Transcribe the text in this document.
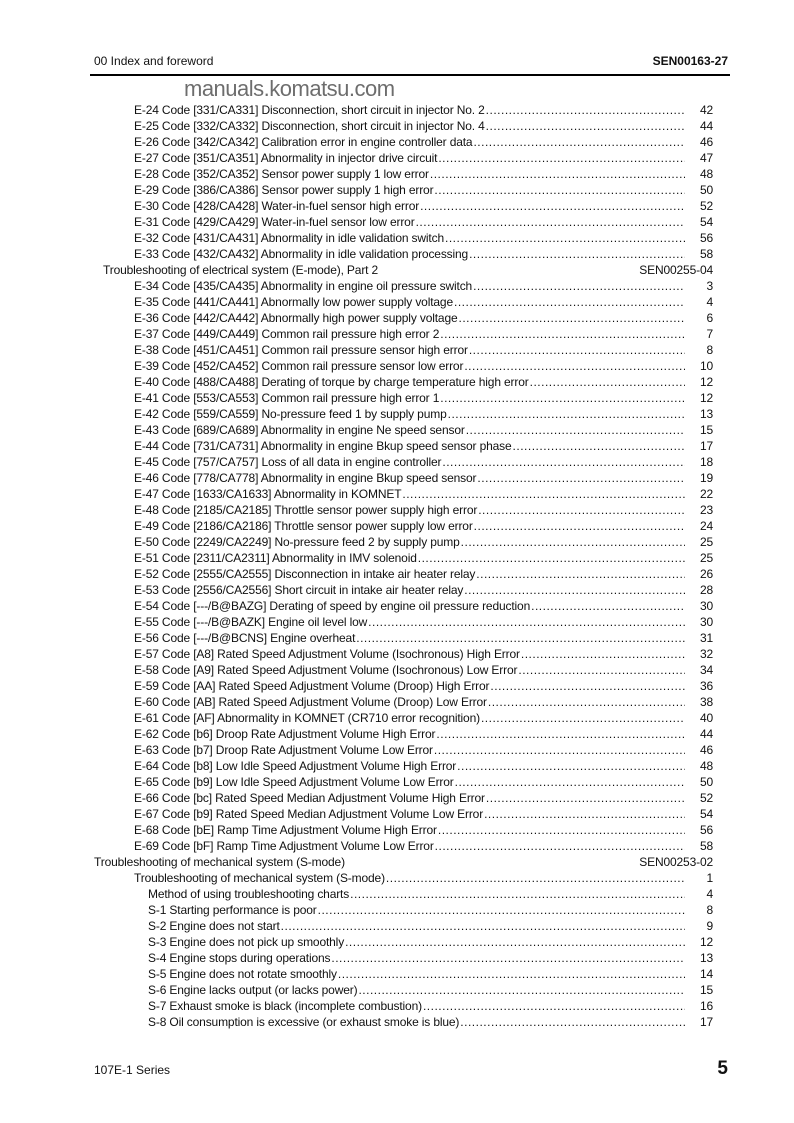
00 Index and foreword	SEN00163-27
manuals.komatsu.com
E-24 Code [331/CA331] Disconnection, short circuit in injector No. 2 .....	42
E-25 Code [332/CA332] Disconnection, short circuit in injector No. 4 .....	44
E-26 Code [342/CA342] Calibration error in engine controller data .....	46
E-27 Code [351/CA351] Abnormality in injector drive circuit .....	47
E-28 Code [352/CA352] Sensor power supply 1 low error .....	48
E-29 Code [386/CA386] Sensor power supply 1 high error .....	50
E-30 Code [428/CA428] Water-in-fuel sensor high error .....	52
E-31 Code [429/CA429] Water-in-fuel sensor low error .....	54
E-32 Code [431/CA431] Abnormality in idle validation switch .....	56
E-33 Code [432/CA432] Abnormality in idle validation processing .....	58
Troubleshooting of electrical system (E-mode), Part 2	SEN00255-04
E-34 Code [435/CA435] Abnormality in engine oil pressure switch .....	3
E-35 Code [441/CA441] Abnormally low power supply voltage .....	4
E-36 Code [442/CA442] Abnormally high power supply voltage .....	6
E-37 Code [449/CA449] Common rail pressure high error 2 .....	7
E-38 Code [451/CA451] Common rail pressure sensor high error .....	8
E-39 Code [452/CA452] Common rail pressure sensor low error .....	10
E-40 Code [488/CA488] Derating of torque by charge temperature high error .....	12
E-41 Code [553/CA553] Common rail pressure high error 1 .....	12
E-42 Code [559/CA559] No-pressure feed 1 by supply pump .....	13
E-43 Code [689/CA689] Abnormality in engine Ne speed sensor .....	15
E-44 Code [731/CA731] Abnormality in engine Bkup speed sensor phase .....	17
E-45 Code [757/CA757] Loss of all data in engine controller .....	18
E-46 Code [778/CA778] Abnormality in engine Bkup speed sensor .....	19
E-47 Code [1633/CA1633] Abnormality in KOMNET .....	22
E-48 Code [2185/CA2185] Throttle sensor power supply high error .....	23
E-49 Code [2186/CA2186] Throttle sensor power supply low error .....	24
E-50 Code [2249/CA2249] No-pressure feed 2 by supply pump .....	25
E-51 Code [2311/CA2311] Abnormality in IMV solenoid .....	25
E-52 Code [2555/CA2555] Disconnection in intake air heater relay .....	26
E-53 Code [2556/CA2556] Short circuit in intake air heater relay .....	28
E-54 Code [---/B@BAZG] Derating of speed by engine oil pressure reduction .....	30
E-55 Code [---/B@BAZK] Engine oil level low .....	30
E-56 Code [---/B@BCNS] Engine overheat .....	31
E-57 Code [A8] Rated Speed Adjustment Volume (Isochronous) High Error .....	32
E-58 Code [A9] Rated Speed Adjustment Volume (Isochronous) Low Error .....	34
E-59 Code [AA] Rated Speed Adjustment Volume (Droop) High Error .....	36
E-60 Code [AB] Rated Speed Adjustment Volume (Droop) Low Error .....	38
E-61 Code [AF] Abnormality in KOMNET (CR710 error recognition) .....	40
E-62 Code [b6] Droop Rate Adjustment Volume High Error .....	44
E-63 Code [b7] Droop Rate Adjustment Volume Low Error .....	46
E-64 Code [b8] Low Idle Speed Adjustment Volume High Error .....	48
E-65 Code [b9] Low Idle Speed Adjustment Volume Low Error .....	50
E-66 Code [bc] Rated Speed Median Adjustment Volume High Error .....	52
E-67 Code [b9] Rated Speed Median Adjustment Volume Low Error .....	54
E-68 Code [bE] Ramp Time Adjustment Volume High Error .....	56
E-69 Code [bF] Ramp Time Adjustment Volume Low Error .....	58
Troubleshooting of mechanical system (S-mode)	SEN00253-02
Troubleshooting of mechanical system (S-mode) .....	1
Method of using troubleshooting charts .....	4
S-1 Starting performance is poor .....	8
S-2 Engine does not start .....	9
S-3 Engine does not pick up smoothly .....	12
S-4 Engine stops during operations .....	13
S-5 Engine does not rotate smoothly .....	14
S-6 Engine lacks output (or lacks power) .....	15
S-7 Exhaust smoke is black (incomplete combustion) .....	16
S-8 Oil consumption is excessive (or exhaust smoke is blue) .....	17
107E-1 Series	5
